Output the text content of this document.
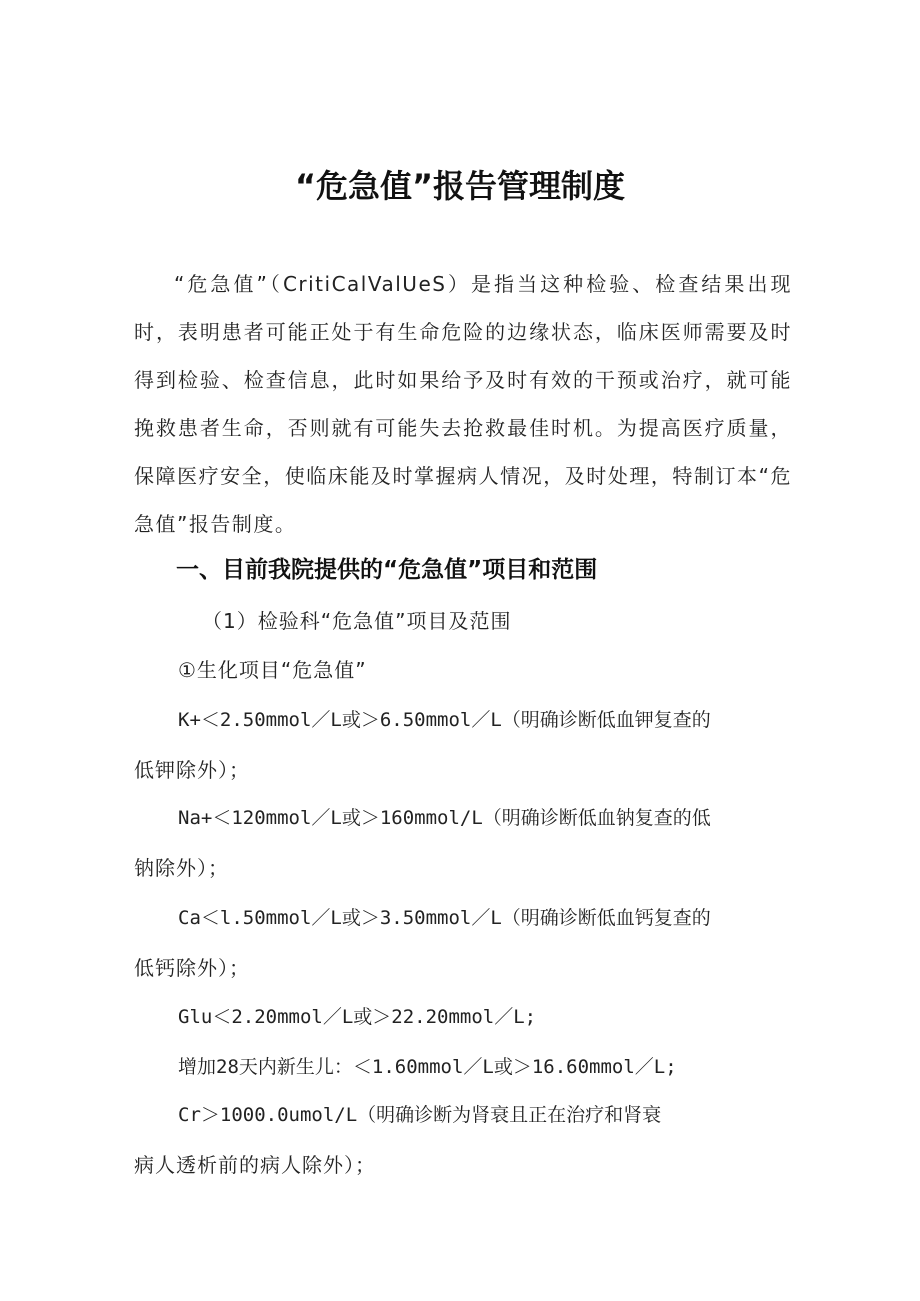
“危急值”报告管理制度
“危急值”（CritiCalValUeS）是指当这种检验、检查结果出现时，表明患者可能正处于有生命危险的边缘状态，临床医师需要及时得到检验、检查信息，此时如果给予及时有效的干预或治疗，就可能挽救患者生命，否则就有可能失去抢救最佳时机。为提高医疗质量，保障医疗安全，使临床能及时掌握病人情况，及时处理，特制订本“危急值”报告制度。
一、目前我院提供的“危急值”项目和范围
（1）检验科“危急值”项目及范围
①生化项目“危急值”
K+＜2.50mmol／L或＞6.50mmol／L（明确诊断低血钾复查的
低钾除外）；
Na+＜120mmol／L或＞160mmol/L（明确诊断低血钠复查的低
钠除外）；
Ca＜l.50mmol／L或＞3.50mmol／L（明确诊断低血钙复查的
低钙除外）；
Glu＜2.20mmol／L或＞22.20mmol／L;
增加28天内新生儿：＜1.60mmol／L或＞16.60mmol／L;
Cr＞1000.0umol/L（明确诊断为肾衰且正在治疗和肾衰
病人透析前的病人除外）；
